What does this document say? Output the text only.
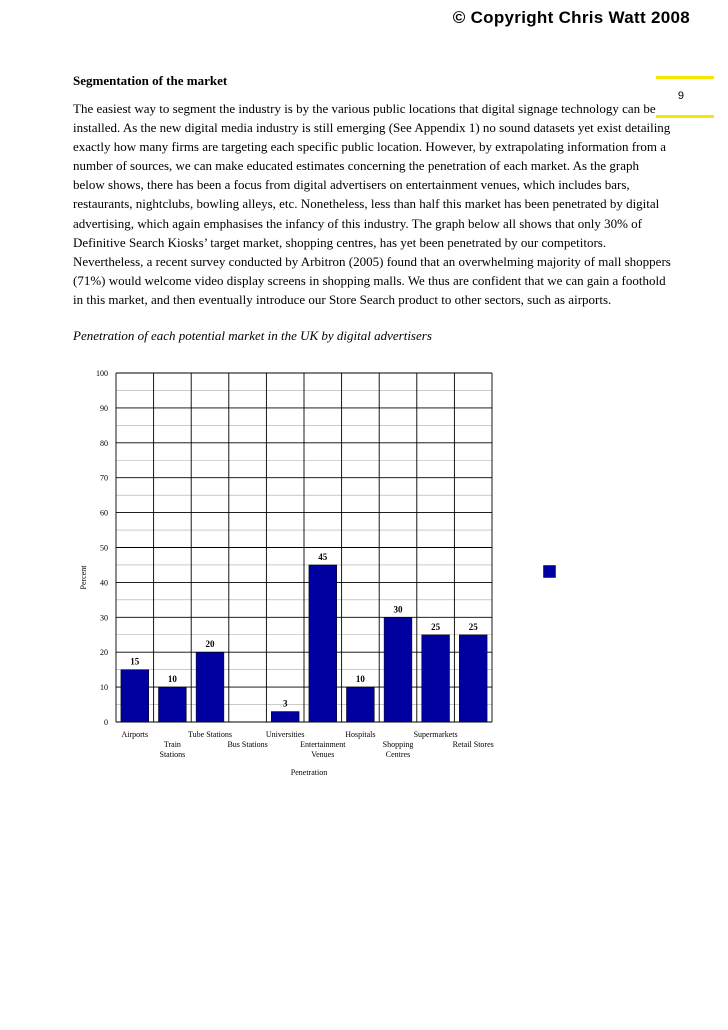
© Copyright Chris Watt 2008
9
Segmentation of the market
The easiest way to segment the industry is by the various public locations that digital signage technology can be installed. As the new digital media industry is still emerging (See Appendix 1) no sound datasets yet exist detailing exactly how many firms are targeting each specific public location. However, by extrapolating information from a number of sources, we can make educated estimates concerning the penetration of each market. As the graph below shows, there has been a focus from digital advertisers on entertainment venues, which includes bars, restaurants, nightclubs, bowling alleys, etc. Nonetheless, less than half this market has been penetrated by digital advertising, which again emphasises the infancy of this industry. The graph below all shows that only 30% of Definitive Search Kiosks’ target market, shopping centres, has yet been penetrated by our competitors. Nevertheless, a recent survey conducted by Arbitron (2005) found that an overwhelming majority of mall shoppers (71%) would welcome video display screens in shopping malls. We thus are confident that we can gain a foothold in this market, and then eventually introduce our Store Search product to other sectors, such as airports.
Penetration of each potential market in the UK by digital advertisers
0
10
20
30
40
50
60
70
80
90
100
Percent
15
10
20
3
45
10
30
25	25
Airports
Train
Stations
Tube Stations
Bus Stations
Universities
Entertainment
Venues
Hospitals
Shopping
Centres
Supermarkets
Retail Stores
Penetration
